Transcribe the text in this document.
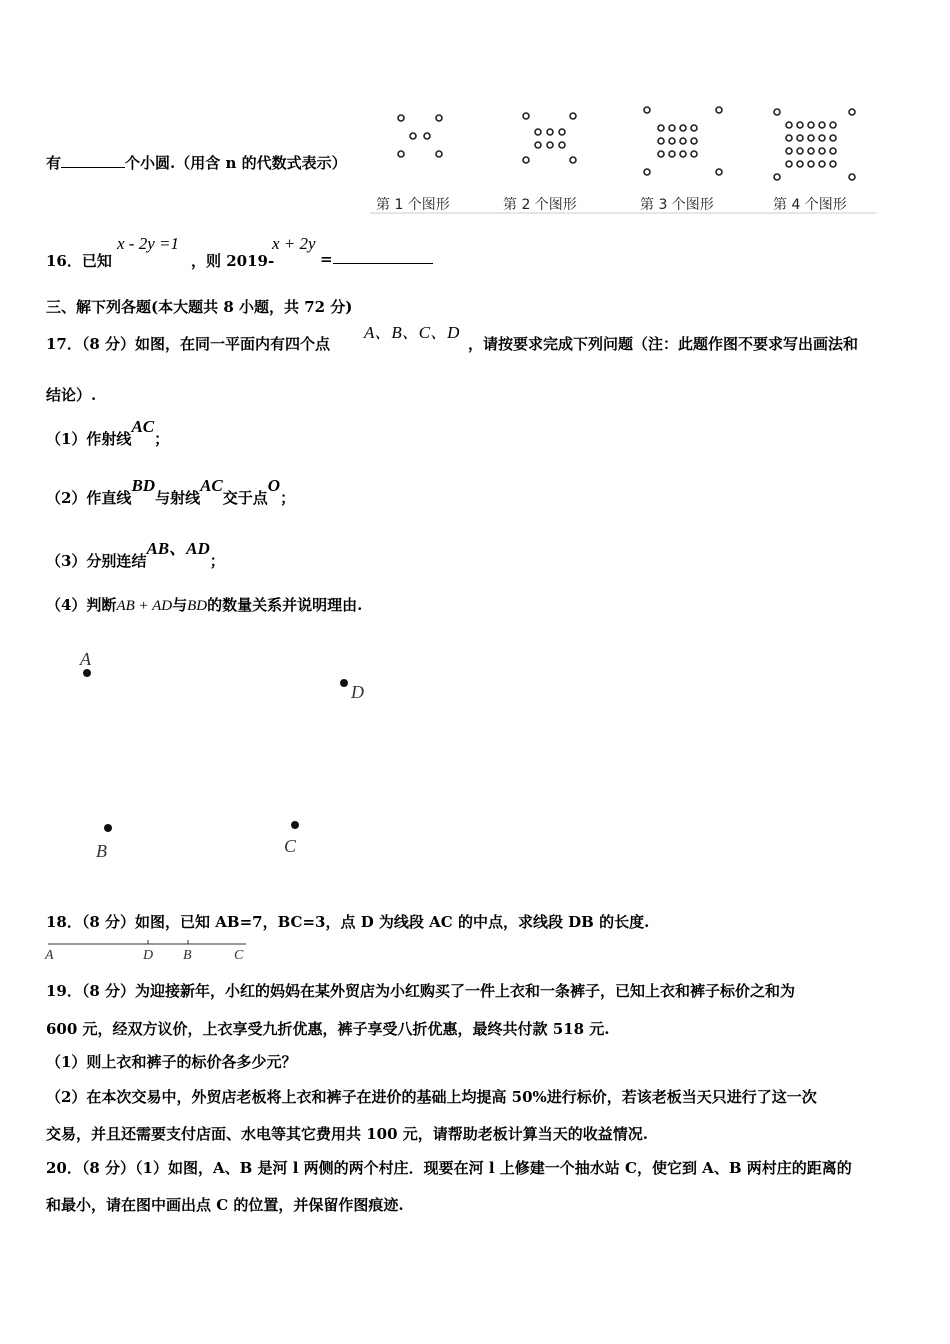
有	个小圆.（用含 n 的代数式表示）
第 1 个图形	第 2 个图形	第 3 个图形	第 4 个图形
16．已知
x - 2y =1
，则 2019-
x + 2y
=
三、解下列各题(本大题共 8 小题，共 72 分)
17．（8 分）如图，在同一平面内有四个点
A、B、C、D
，请按要求完成下列问题（注：此题作图不要求写出画法和
结论）.
（1）作射线AC；
（2）作直线BD与射线AC交于点O；
（3）分别连结AB、AD；
（4）判断AB + AD与BD的数量关系并说明理由.
A
D
B	C
18．（8 分）如图，已知 AB=7，BC=3，点 D 为线段 AC 的中点，求线段 DB 的长度.
A	D B	C
19．（8 分）为迎接新年，小红的妈妈在某外贸店为小红购买了一件上衣和一条裤子，已知上衣和裤子标价之和为
600 元，经双方议价，上衣享受九折优惠，裤子享受八折优惠，最终共付款 518 元.
（1）则上衣和裤子的标价各多少元？
（2）在本次交易中，外贸店老板将上衣和裤子在进价的基础上均提高 50%进行标价，若该老板当天只进行了这一次
交易，并且还需要支付店面、水电等其它费用共 100 元，请帮助老板计算当天的收益情况.
20．（8 分）（1）如图，A、B 是河 l 两侧的两个村庄．现要在河 l 上修建一个抽水站 C，使它到 A、B 两村庄的距离的
和最小，请在图中画出点 C 的位置，并保留作图痕迹.
